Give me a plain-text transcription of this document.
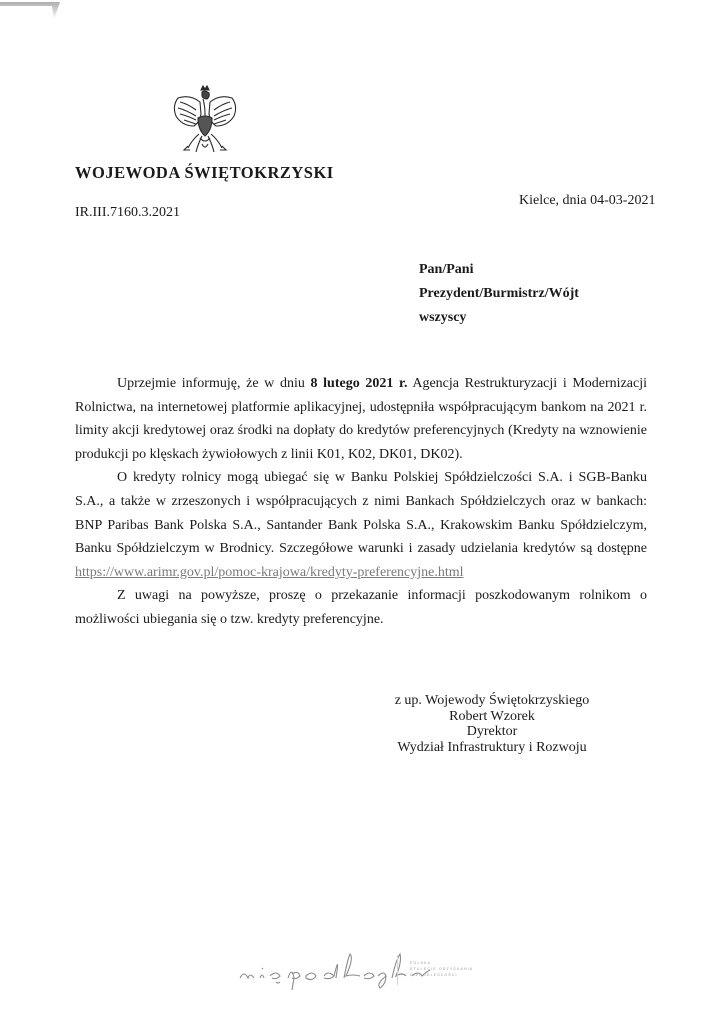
WOJEWODA ŚWIĘTOKRZYSKI
IR.III.7160.3.2021
Kielce, dnia 04-03-2021
Pan/Pani
Prezydent/Burmistrz/Wójt
wszyscy

Uprzejmie informuję, że w dniu 8 lutego 2021 r. Agencja Restrukturyzacji i Modernizacji Rolnictwa, na internetowej platformie aplikacyjnej, udostępniła współpracującym bankom na 2021 r. limity akcji kredytowej oraz środki na dopłaty do kredytów preferencyjnych (Kredyty na wznowienie produkcji po klęskach żywiołowych z linii K01, K02, DK01, DK02).

O kredyty rolnicy mogą ubiegać się w Banku Polskiej Spółdzielczości S.A. i SGB-Banku S.A., a także w zrzeszonych i współpracujących z nimi Bankach Spółdzielczych oraz w bankach: BNP Paribas Bank Polska S.A., Santander Bank Polska S.A., Krakowskim Banku Spółdzielczym, Banku Spółdzielczym w Brodnicy. Szczegółowe warunki i zasady udzielania kredytów są dostępne https://www.arimr.gov.pl/pomoc-krajowa/kredyty-preferencyjne.html

Z uwagi na powyższe, proszę o przekazanie informacji poszkodowanym rolnikom o możliwości ubiegania się o tzw. kredyty preferencyjne.

z up. Wojewody Świętokrzyskiego
Robert Wzorek
Dyrektor
Wydział Infrastruktury i Rozwoju
POLSKA
STULECIE ODZYSKANIA
NIEPODLEGŁOŚCI
